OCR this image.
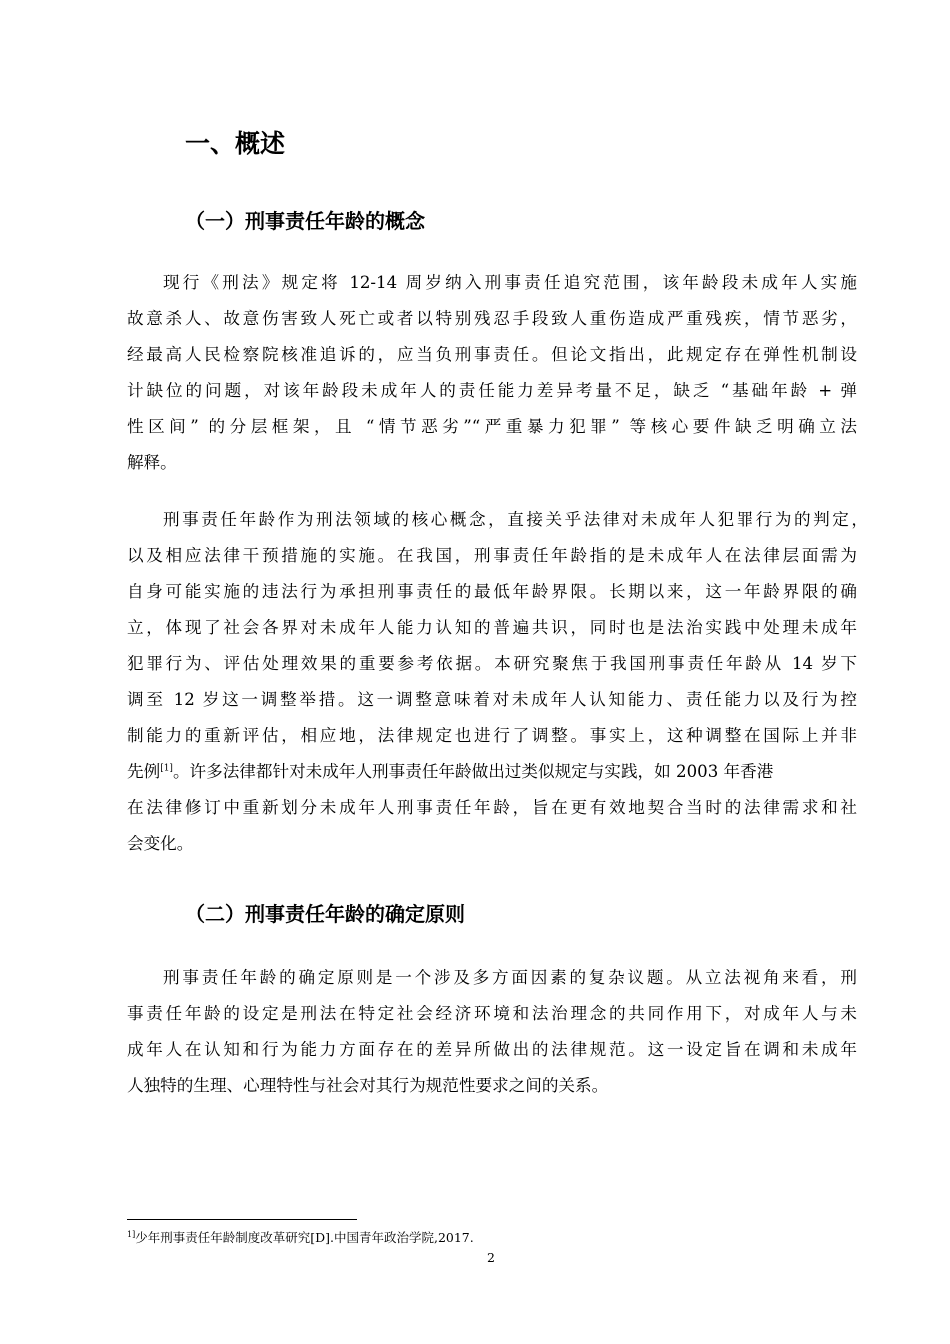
一、概述
（一）刑事责任年龄的概念
现行《刑法》规定将 12-14 周岁纳入刑事责任追究范围，该年龄段未成年人实施
故意杀人、故意伤害致人死亡或者以特别残忍手段致人重伤造成严重残疾，情节恶劣，
经最高人民检察院核准追诉的，应当负刑事责任。但论文指出，此规定存在弹性机制设
计缺位的问题，对该年龄段未成年人的责任能力差异考量不足，缺乏 “基础年龄 + 弹
性区间” 的分层框架，且 “情节恶劣”“严重暴力犯罪” 等核心要件缺乏明确立法
解释。
刑事责任年龄作为刑法领域的核心概念，直接关乎法律对未成年人犯罪行为的判定，
以及相应法律干预措施的实施。在我国，刑事责任年龄指的是未成年人在法律层面需为
自身可能实施的违法行为承担刑事责任的最低年龄界限。长期以来，这一年龄界限的确
立，体现了社会各界对未成年人能力认知的普遍共识，同时也是法治实践中处理未成年
犯罪行为、评估处理效果的重要参考依据。本研究聚焦于我国刑事责任年龄从 14 岁下
调至 12 岁这一调整举措。这一调整意味着对未成年人认知能力、责任能力以及行为控
制能力的重新评估，相应地，法律规定也进行了调整。事实上，这种调整在国际上并非
先例[1]。许多法律都针对未成年人刑事责任年龄做出过类似规定与实践，如 2003 年香港
在法律修订中重新划分未成年人刑事责任年龄，旨在更有效地契合当时的法律需求和社
会变化。
（二）刑事责任年龄的确定原则
刑事责任年龄的确定原则是一个涉及多方面因素的复杂议题。从立法视角来看，刑
事责任年龄的设定是刑法在特定社会经济环境和法治理念的共同作用下，对成年人与未
成年人在认知和行为能力方面存在的差异所做出的法律规范。这一设定旨在调和未成年
人独特的生理、心理特性与社会对其行为规范性要求之间的关系。
$^{1]}$少年刑事责任年龄制度改革研究[D].中国青年政治学院,2017.
2
